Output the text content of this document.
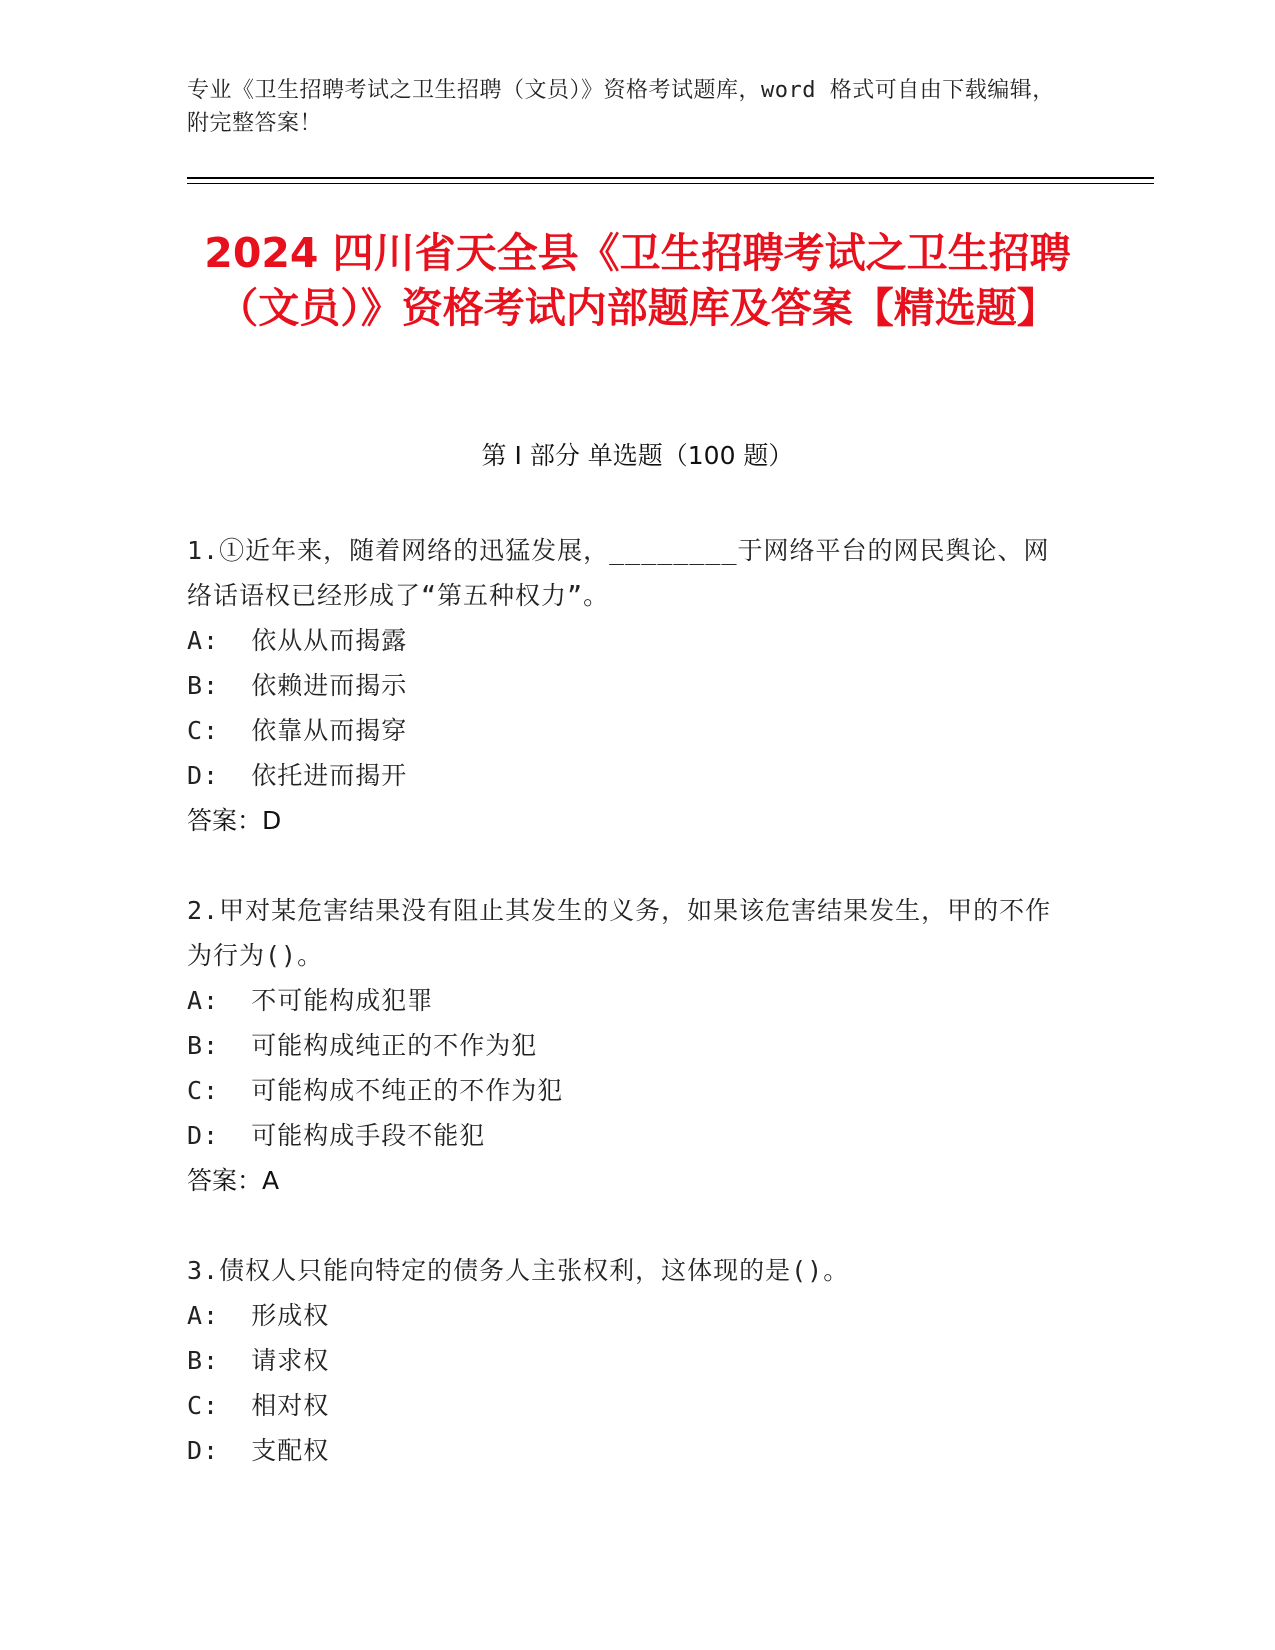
专业《卫生招聘考试之卫生招聘（文员）》资格考试题库，word 格式可自由下载编辑，附完整答案！
2024 四川省天全县《卫生招聘考试之卫生招聘（文员）》资格考试内部题库及答案【精选题】
第 I 部分 单选题（100 题）
1.①近年来，随着网络的迅猛发展，________于网络平台的网民舆论、网络话语权已经形成了“第五种权力”。
A:  依从从而揭露
B:  依赖进而揭示
C:  依靠从而揭穿
D:  依托进而揭开
答案：D
2.甲对某危害结果没有阻止其发生的义务，如果该危害结果发生，甲的不作为行为()。
A:  不可能构成犯罪
B:  可能构成纯正的不作为犯
C:  可能构成不纯正的不作为犯
D:  可能构成手段不能犯
答案：A
3.债权人只能向特定的债务人主张权利，这体现的是()。
A:  形成权
B:  请求权
C:  相对权
D:  支配权
